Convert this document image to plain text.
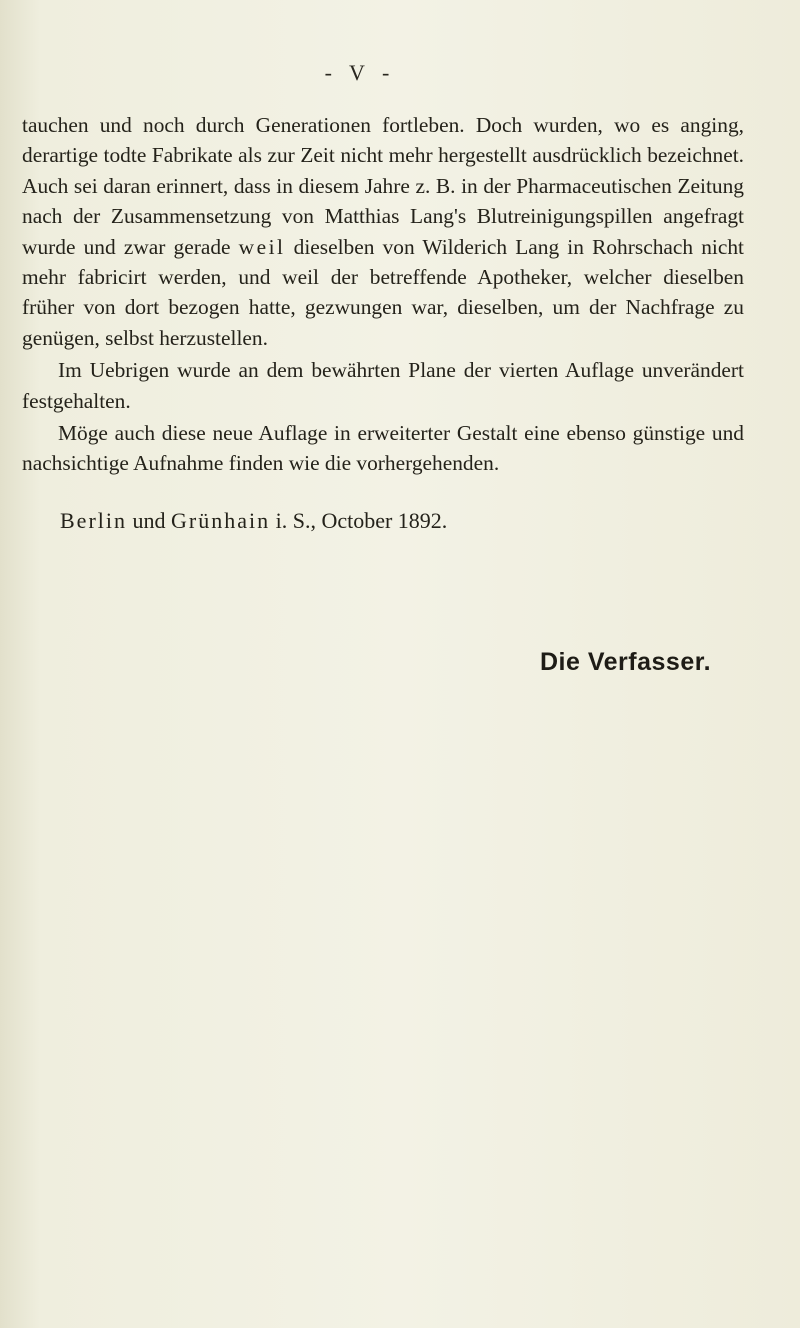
- V -

tauchen und noch durch Generationen fortleben. Doch wurden, wo es anging, derartige todte Fabrikate als zur Zeit nicht mehr hergestellt ausdrücklich bezeichnet. Auch sei daran erinnert, dass in diesem Jahre z. B. in der Pharmaceutischen Zeitung nach der Zusammensetzung von Matthias Lang's Blutreinigungspillen angefragt wurde und zwar gerade weil dieselben von Wilderich Lang in Rohrschach nicht mehr fabricirt werden, und weil der betreffende Apotheker, welcher dieselben früher von dort bezogen hatte, gezwungen war, dieselben, um der Nachfrage zu genügen, selbst herzustellen.

Im Uebrigen wurde an dem bewährten Plane der vierten Auflage unverändert festgehalten.

Möge auch diese neue Auflage in erweiterter Gestalt eine ebenso günstige und nachsichtige Aufnahme finden wie die vorhergehenden.

Berlin und Grünhain i. S., October 1892.
Die Verfasser.
